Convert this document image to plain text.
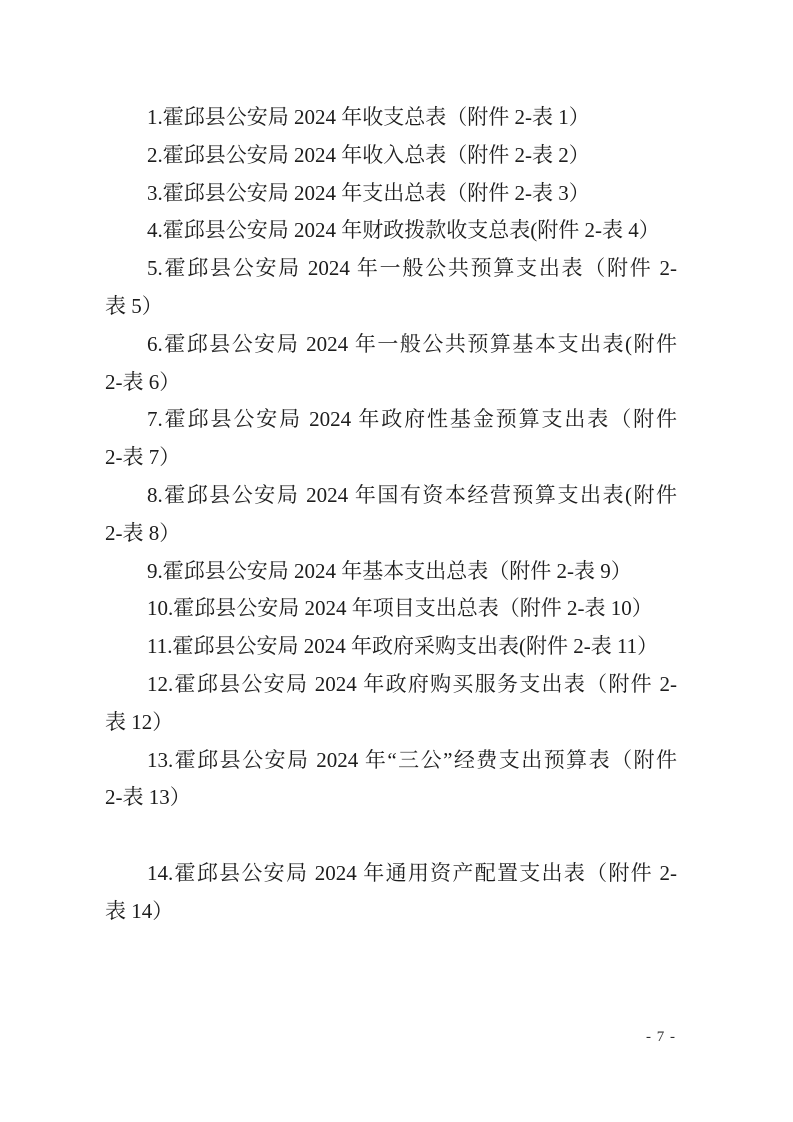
1.霍邱县公安局 2024 年收支总表（附件 2-表 1）
2.霍邱县公安局 2024 年收入总表（附件 2-表 2）
3.霍邱县公安局 2024 年支出总表（附件 2-表 3）
4.霍邱县公安局 2024 年财政拨款收支总表(附件 2-表 4）
5.霍邱县公安局 2024 年一般公共预算支出表（附件 2-
表 5）
6.霍邱县公安局 2024 年一般公共预算基本支出表(附件
2-表 6）
7.霍邱县公安局 2024 年政府性基金预算支出表（附件
2-表 7）
8.霍邱县公安局 2024 年国有资本经营预算支出表(附件
2-表 8）
9.霍邱县公安局 2024 年基本支出总表（附件 2-表 9）
10.霍邱县公安局 2024 年项目支出总表（附件 2-表 10）
11.霍邱县公安局 2024 年政府采购支出表(附件 2-表 11）
12.霍邱县公安局 2024 年政府购买服务支出表（附件 2-
表 12）
13.霍邱县公安局 2024 年“三公”经费支出预算表（附件
2-表 13）
14.霍邱县公安局 2024 年通用资产配置支出表（附件 2-
表 14）
- 7 -
